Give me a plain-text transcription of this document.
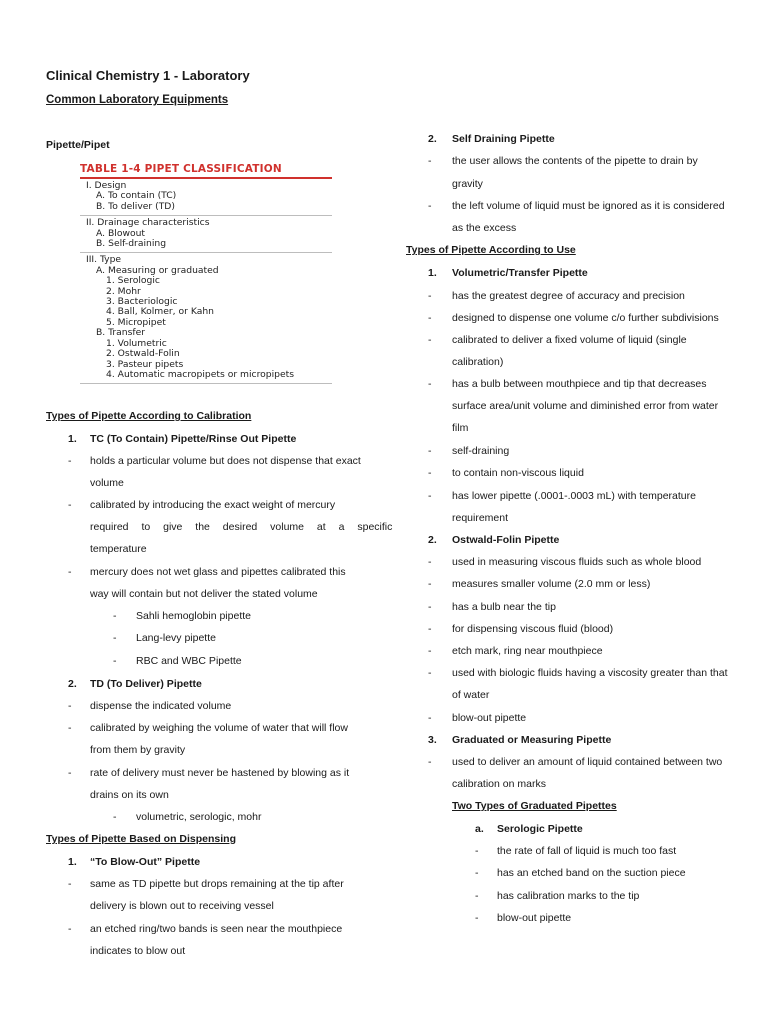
Clinical Chemistry 1 - Laboratory
Common Laboratory Equipments
Pipette/Pipet
TABLE 1-4 PIPET CLASSIFICATION
I. Design
A. To contain (TC)
B. To deliver (TD)
II. Drainage characteristics
A. Blowout
B. Self-draining
III. Type
A. Measuring or graduated
1. Serologic
2. Mohr
3. Bacteriologic
4. Ball, Kolmer, or Kahn
5. Micropipet
B. Transfer
1. Volumetric
2. Ostwald-Folin
3. Pasteur pipets
4. Automatic macropipets or micropipets
Types of Pipette According to Calibration
1. TC (To Contain) Pipette/Rinse Out Pipette
- holds a particular volume but does not dispense that exact
volume
- calibrated by introducing the exact weight of mercury
required to give the desired volume at a specific
temperature
- mercury does not wet glass and pipettes calibrated this
way will contain but not deliver the stated volume
- Sahli hemoglobin pipette
- Lang-levy pipette
- RBC and WBC Pipette
2. TD (To Deliver) Pipette
- dispense the indicated volume
- calibrated by weighing the volume of water that will flow
from them by gravity
- rate of delivery must never be hastened by blowing as it
drains on its own
- volumetric, serologic, mohr
Types of Pipette Based on Dispensing
1. “To Blow-Out” Pipette
- same as TD pipette but drops remaining at the tip after
delivery is blown out to receiving vessel
- an etched ring/two bands is seen near the mouthpiece
indicates to blow out
2. Self Draining Pipette
- the user allows the contents of the pipette to drain by
gravity
- the left volume of liquid must be ignored as it is considered
as the excess
Types of Pipette According to Use
1. Volumetric/Transfer Pipette
- has the greatest degree of accuracy and precision
- designed to dispense one volume c/o further subdivisions
- calibrated to deliver a fixed volume of liquid (single
calibration)
- has a bulb between mouthpiece and tip that decreases
surface area/unit volume and diminished error from water
film
- self-draining
- to contain non-viscous liquid
- has lower pipette (.0001-.0003 mL) with temperature
requirement
2. Ostwald-Folin Pipette
- used in measuring viscous fluids such as whole blood
- measures smaller volume (2.0 mm or less)
- has a bulb near the tip
- for dispensing viscous fluid (blood)
- etch mark, ring near mouthpiece
- used with biologic fluids having a viscosity greater than that
of water
- blow-out pipette
3. Graduated or Measuring Pipette
- used to deliver an amount of liquid contained between two
calibration on marks
Two Types of Graduated Pipettes
a. Serologic Pipette
- the rate of fall of liquid is much too fast
- has an etched band on the suction piece
- has calibration marks to the tip
- blow-out pipette
